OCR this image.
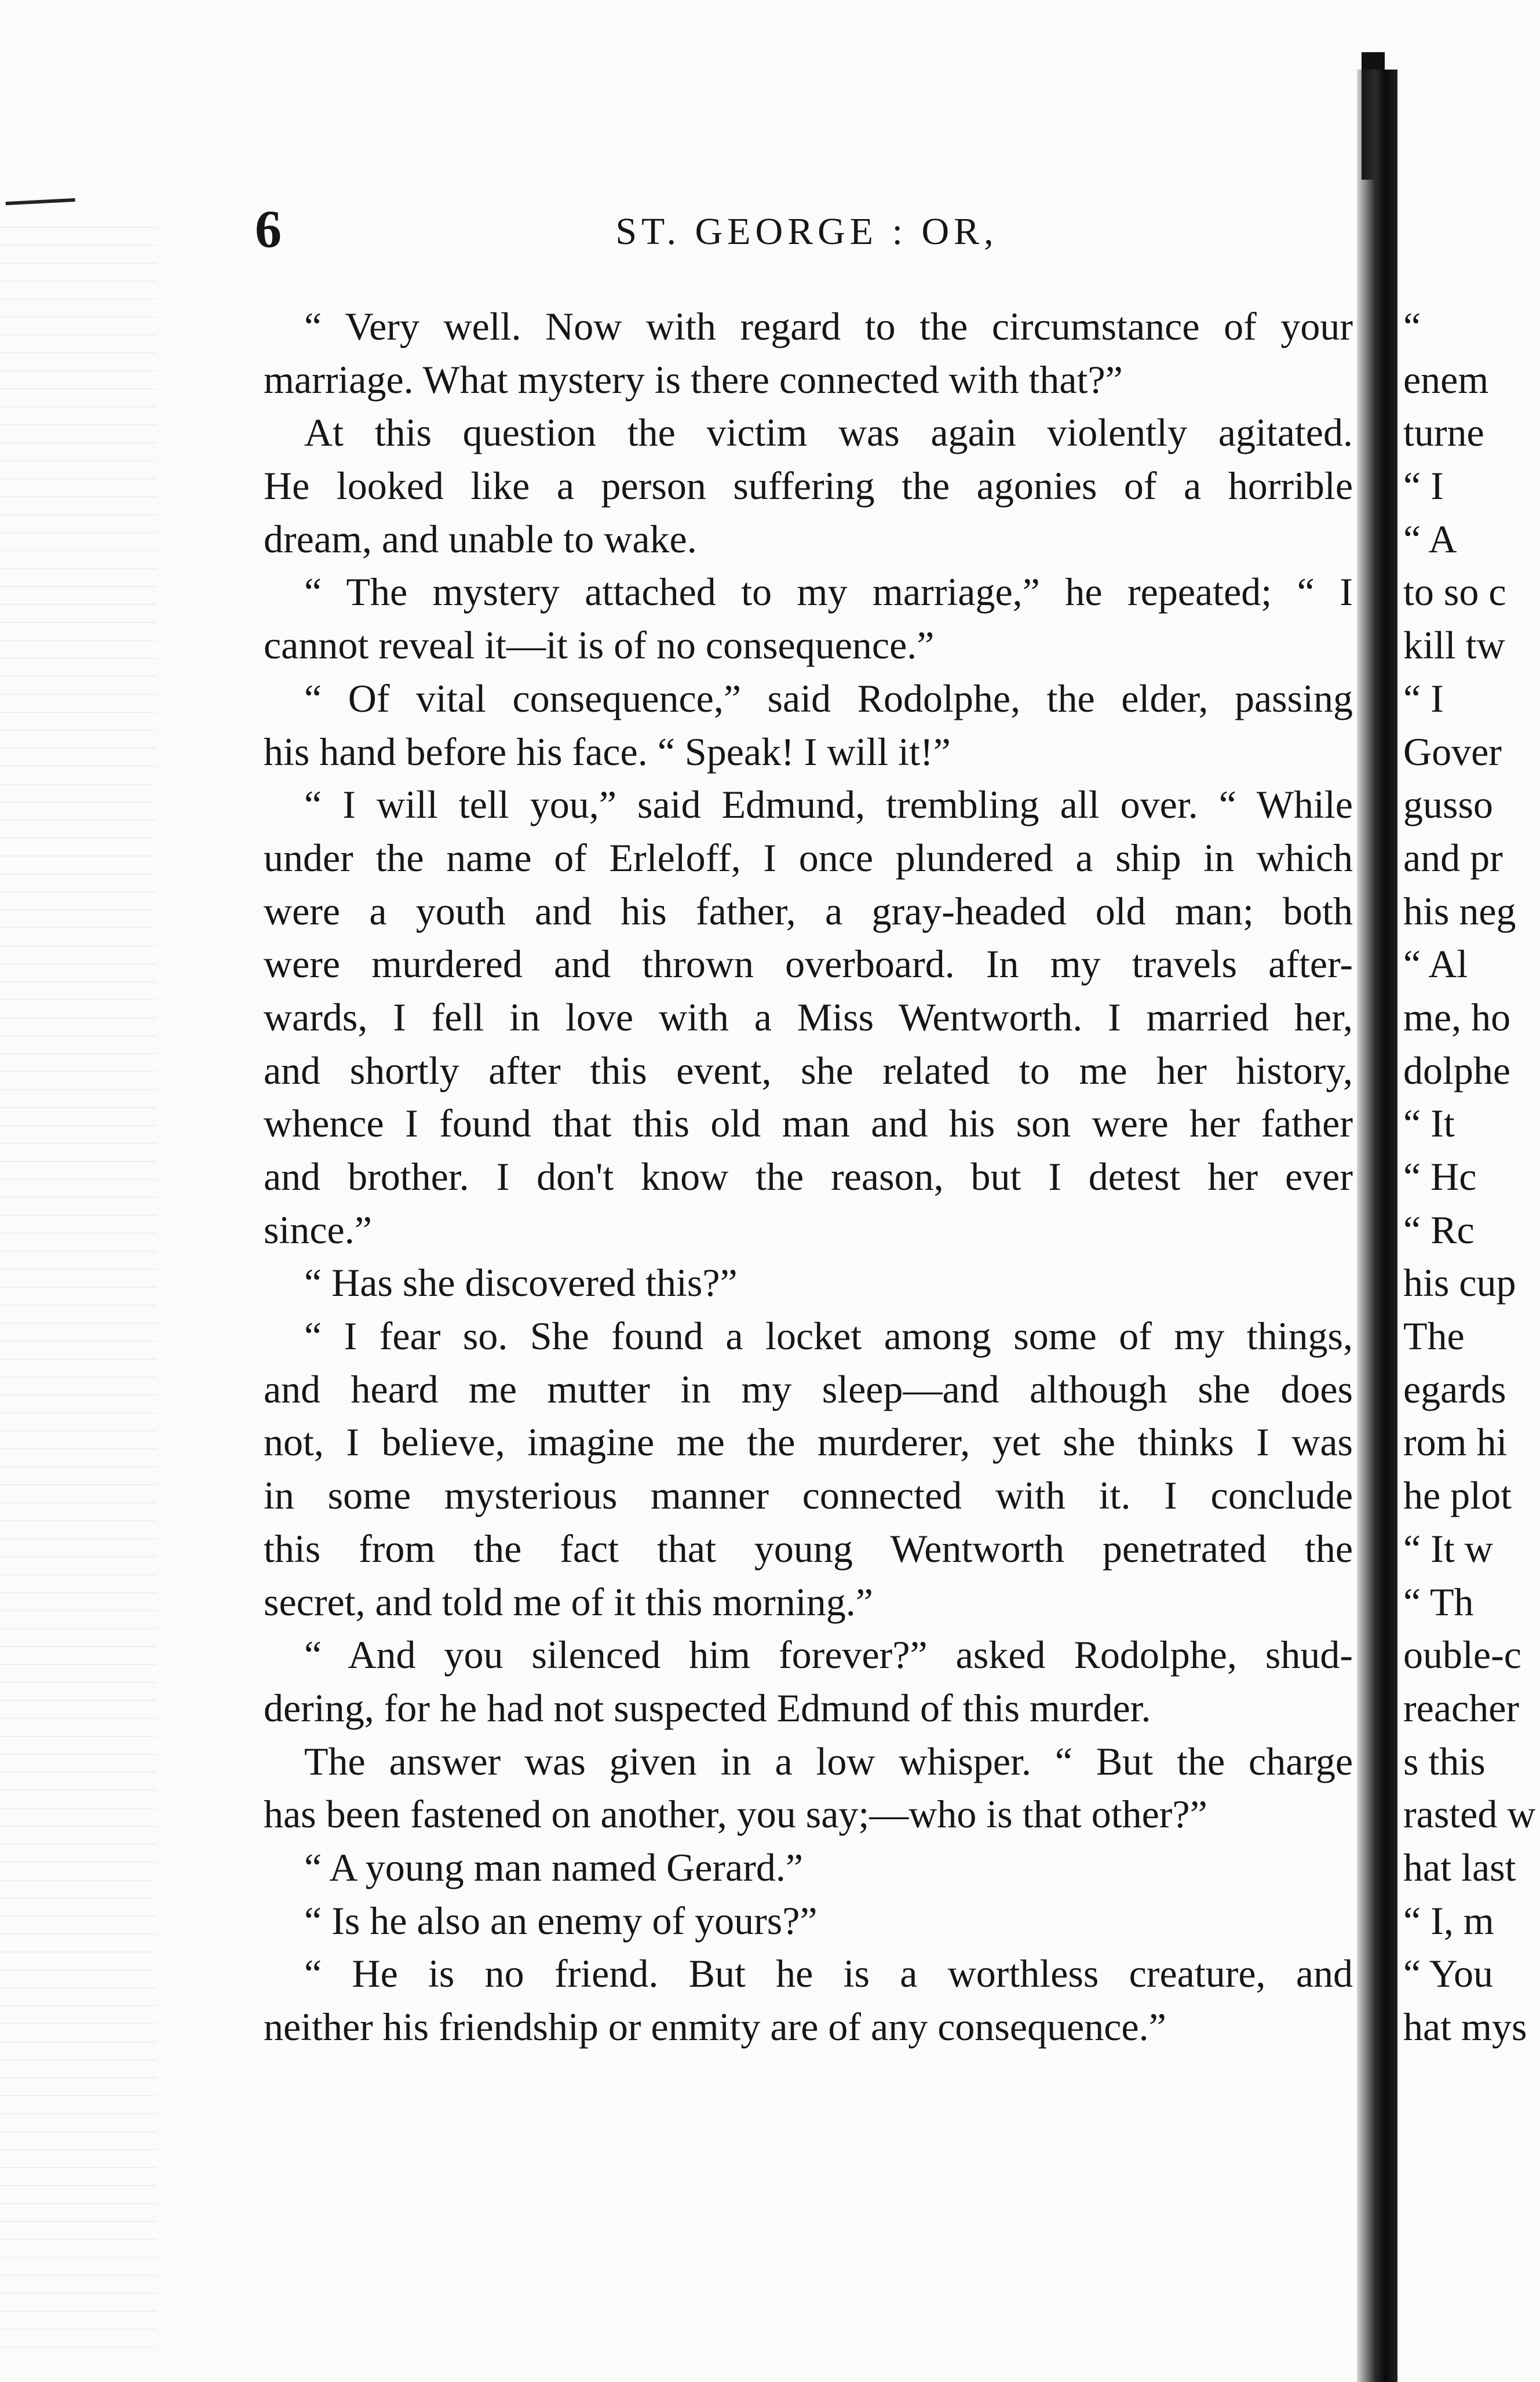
6	ST. GEORGE : OR,
“ Very well. Now with regard to the circumstance of your
marriage. What mystery is there connected with that?”
At this question the victim was again violently agitated.
He looked like a person suffering the agonies of a horrible
dream, and unable to wake.
“ The mystery attached to my marriage,” he repeated; “ I
cannot reveal it—it is of no consequence.”
“ Of vital consequence,” said Rodolphe, the elder, passing
his hand before his face. “ Speak! I will it!”
“ I will tell you,” said Edmund, trembling all over. “ While
under the name of Erleloff, I once plundered a ship in which
were a youth and his father, a gray-headed old man; both
were murdered and thrown overboard. In my travels after-
wards, I fell in love with a Miss Wentworth. I married her,
and shortly after this event, she related to me her history,
whence I found that this old man and his son were her father
and brother. I don't know the reason, but I detest her ever
since.”
“ Has she discovered this?”
“ I fear so. She found a locket among some of my things,
and heard me mutter in my sleep—and although she does
not, I believe, imagine me the murderer, yet she thinks I was
in some mysterious manner connected with it. I conclude
this from the fact that young Wentworth penetrated the
secret, and told me of it this morning.”
“ And you silenced him forever?” asked Rodolphe, shud-
dering, for he had not suspected Edmund of this murder.
The answer was given in a low whisper. “ But the charge
has been fastened on another, you say;—who is that other?”
“ A young man named Gerard.”
“ Is he also an enemy of yours?”
“ He is no friend. But he is a worthless creature, and
neither his friendship or enmity are of any consequence.”
“
enem
turne
“ I
“ A
to so c
kill tw
“ I
Gover
gusso
and pr
his neg
“ Al
me, ho
dolphe
“ It
“ Hc
“ Rc
his cup
The
egards
rom hi
he plot
“ It w
“ Th
ouble-c
reacher
s this
rasted w
hat last
“ I, m
“ You
hat mys
